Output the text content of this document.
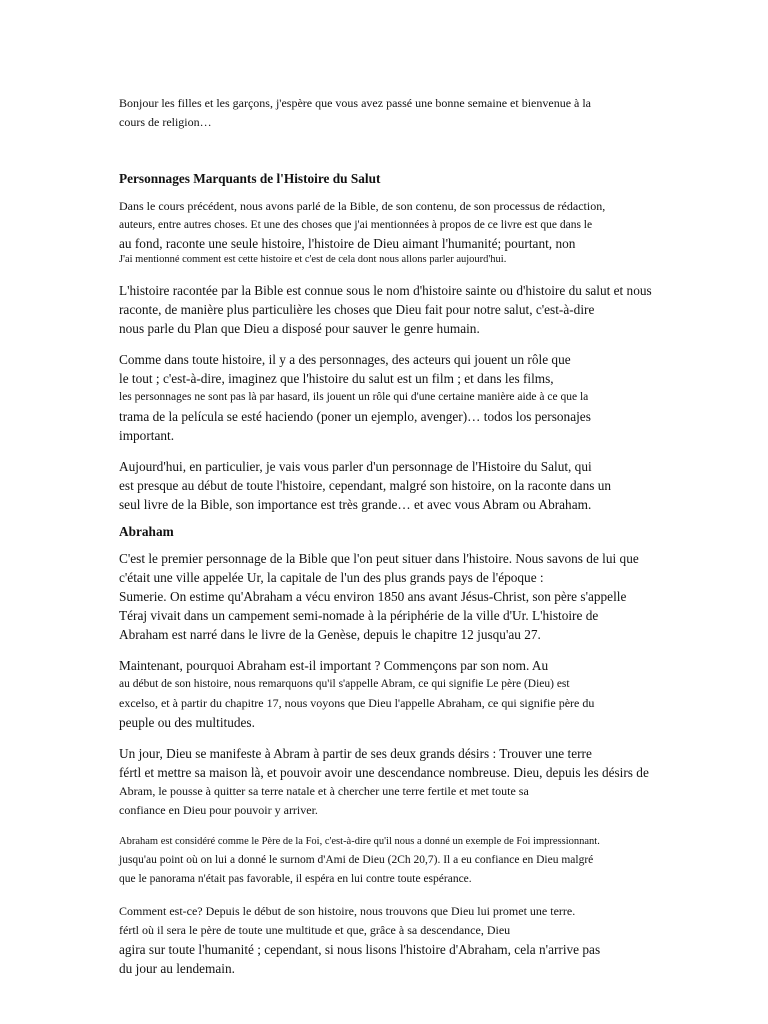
Bonjour les filles et les garçons, j'espère que vous avez passé une bonne semaine et bienvenue à la
cours de religion…
Personnages Marquants de l'Histoire du Salut
Dans le cours précédent, nous avons parlé de la Bible, de son contenu, de son processus de rédaction,
auteurs, entre autres choses. Et une des choses que j'ai mentionnées à propos de ce livre est que dans le
au fond, raconte une seule histoire, l'histoire de Dieu aimant l'humanité; pourtant, non
J'ai mentionné comment est cette histoire et c'est de cela dont nous allons parler aujourd'hui.
L'histoire racontée par la Bible est connue sous le nom d'histoire sainte ou d'histoire du salut et nous
raconte, de manière plus particulière les choses que Dieu fait pour notre salut, c'est-à-dire
nous parle du Plan que Dieu a disposé pour sauver le genre humain.
Comme dans toute histoire, il y a des personnages, des acteurs qui jouent un rôle que
le tout ; c'est-à-dire, imaginez que l'histoire du salut est un film ; et dans les films,
les personnages ne sont pas là par hasard, ils jouent un rôle qui d'une certaine manière aide à ce que la
trama de la película se esté haciendo (poner un ejemplo, avenger)… todos los personajes
important.
Aujourd'hui, en particulier, je vais vous parler d'un personnage de l'Histoire du Salut, qui
est presque au début de toute l'histoire, cependant, malgré son histoire, on la raconte dans un
seul livre de la Bible, son importance est très grande… et avec vous Abram ou Abraham.
Abraham
C'est le premier personnage de la Bible que l'on peut situer dans l'histoire. Nous savons de lui que
c'était une ville appelée Ur, la capitale de l'un des plus grands pays de l'époque :
Sumerie. On estime qu'Abraham a vécu environ 1850 ans avant Jésus-Christ, son père s'appelle
Téraj vivait dans un campement semi-nomade à la périphérie de la ville d'Ur. L'histoire de
Abraham est narré dans le livre de la Genèse, depuis le chapitre 12 jusqu'au 27.
Maintenant, pourquoi Abraham est-il important ? Commençons par son nom. Au
au début de son histoire, nous remarquons qu'il s'appelle Abram, ce qui signifie Le père (Dieu) est
excelso, et à partir du chapitre 17, nous voyons que Dieu l'appelle Abraham, ce qui signifie père du
peuple ou des multitudes.
Un jour, Dieu se manifeste à Abram à partir de ses deux grands désirs : Trouver une terre
fértl et mettre sa maison là, et pouvoir avoir une descendance nombreuse. Dieu, depuis les désirs de
Abram, le pousse à quitter sa terre natale et à chercher une terre fertile et met toute sa
confiance en Dieu pour pouvoir y arriver.
Abraham est considéré comme le Père de la Foi, c'est-à-dire qu'il nous a donné un exemple de Foi impressionnant.
jusqu'au point où on lui a donné le surnom d'Ami de Dieu (2Ch 20,7). Il a eu confiance en Dieu malgré
que le panorama n'était pas favorable, il espéra en lui contre toute espérance.
Comment est-ce? Depuis le début de son histoire, nous trouvons que Dieu lui promet une terre.
fértl où il sera le père de toute une multitude et que, grâce à sa descendance, Dieu
agira sur toute l'humanité ; cependant, si nous lisons l'histoire d'Abraham, cela n'arrive pas
du jour au lendemain.
